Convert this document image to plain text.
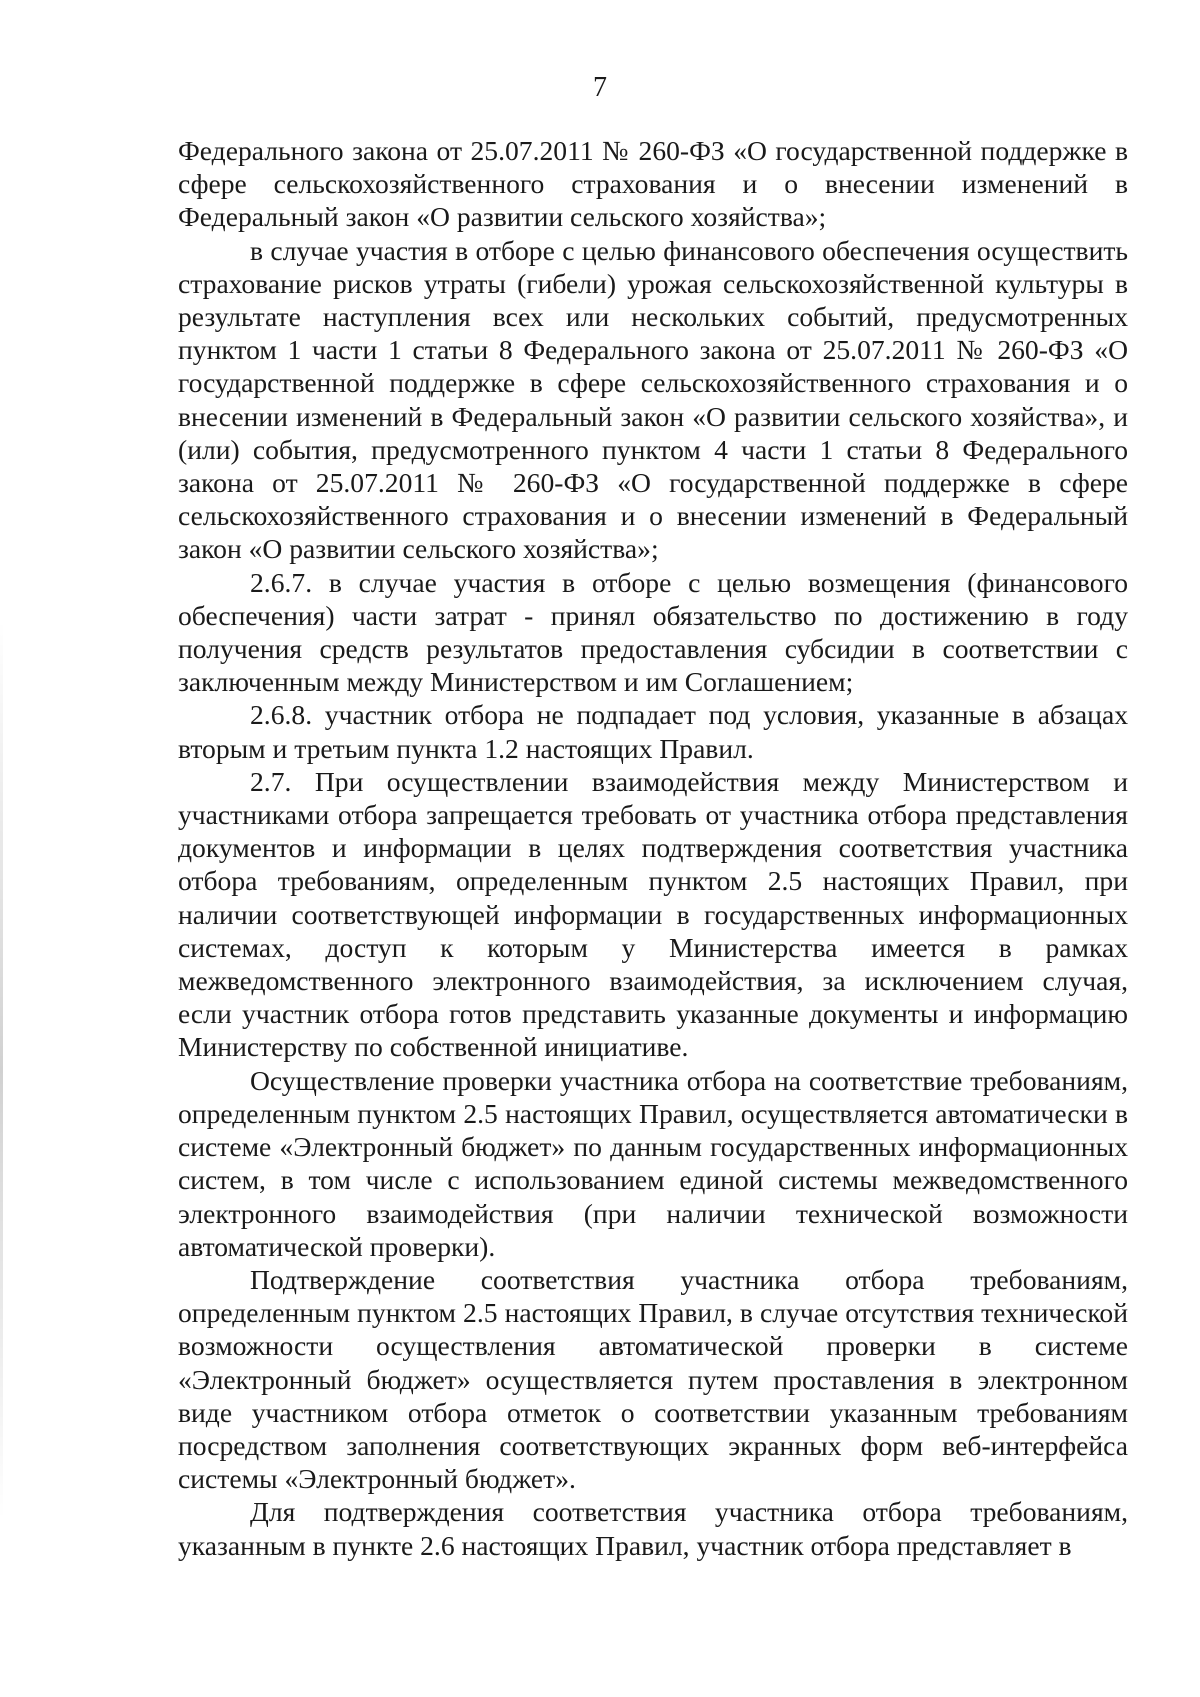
7

Федерального закона от 25.07.2011 № 260-ФЗ «О государственной поддержке в сфере сельскохозяйственного страхования и о внесении изменений в Федеральный закон «О развитии сельского хозяйства»;

в случае участия в отборе с целью финансового обеспечения осуществить страхование рисков утраты (гибели) урожая сельскохозяйственной культуры в результате наступления всех или нескольких событий, предусмотренных пунктом 1 части 1 статьи 8 Федерального закона от 25.07.2011 № 260-ФЗ «О государственной поддержке в сфере сельскохозяйственного страхования и о внесении изменений в Федеральный закон «О развитии сельского хозяйства», и (или) события, предусмотренного пунктом 4 части 1 статьи 8 Федерального закона от 25.07.2011 № 260-ФЗ «О государственной поддержке в сфере сельскохозяйственного страхования и о внесении изменений в Федеральный закон «О развитии сельского хозяйства»;

2.6.7. в случае участия в отборе с целью возмещения (финансового обеспечения) части затрат - принял обязательство по достижению в году получения средств результатов предоставления субсидии в соответствии с заключенным между Министерством и им Соглашением;

2.6.8. участник отбора не подпадает под условия, указанные в абзацах вторым и третьим пункта 1.2 настоящих Правил.

2.7. При осуществлении взаимодействия между Министерством и участниками отбора запрещается требовать от участника отбора представления документов и информации в целях подтверждения соответствия участника отбора требованиям, определенным пунктом 2.5 настоящих Правил, при наличии соответствующей информации в государственных информационных системах, доступ к которым у Министерства имеется в рамках межведомственного электронного взаимодействия, за исключением случая, если участник отбора готов представить указанные документы и информацию Министерству по собственной инициативе.

Осуществление проверки участника отбора на соответствие требованиям, определенным пунктом 2.5 настоящих Правил, осуществляется автоматически в системе «Электронный бюджет» по данным государственных информационных систем, в том числе с использованием единой системы межведомственного электронного взаимодействия (при наличии технической возможности автоматической проверки).

Подтверждение соответствия участника отбора требованиям, определенным пунктом 2.5 настоящих Правил, в случае отсутствия технической возможности осуществления автоматической проверки в системе «Электронный бюджет» осуществляется путем проставления в электронном виде участником отбора отметок о соответствии указанным требованиям посредством заполнения соответствующих экранных форм веб-интерфейса системы «Электронный бюджет».

Для подтверждения соответствия участника отбора требованиям, указанным в пункте 2.6 настоящих Правил, участник отбора представляет в
